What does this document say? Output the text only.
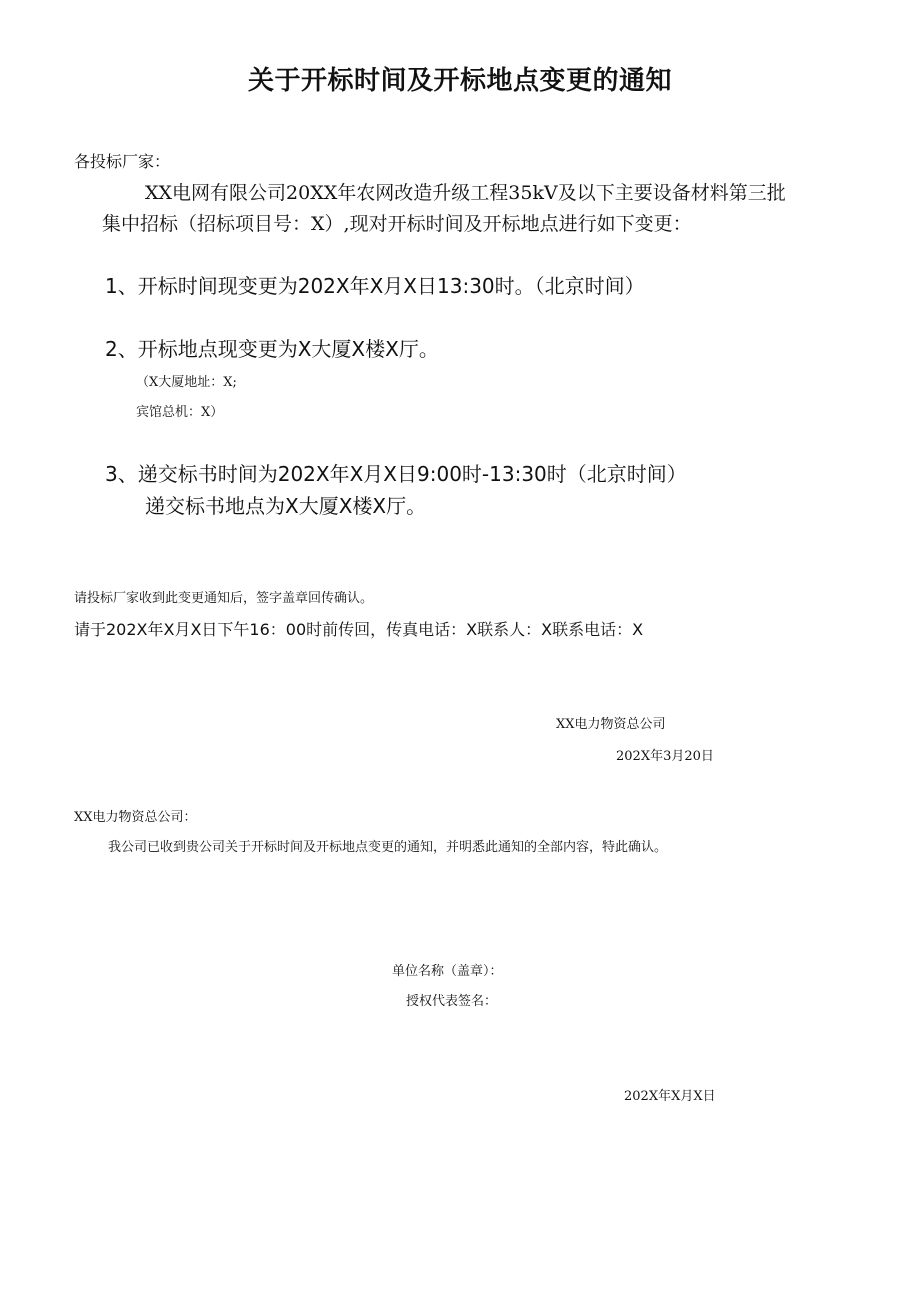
关于开标时间及开标地点变更的通知

各投标厂家：

XX电网有限公司20XX年农网改造升级工程35kV及以下主要设备材料第三批

集中招标（招标项目号：X）,现对开标时间及开标地点进行如下变更：

1、开标时间现变更为202X年X月X日13:30时。（北京时间）

2、开标地点现变更为X大厦X楼X厅。

（X大厦地址：X;

宾馆总机：X）

3、递交标书时间为202X年X月X日9:00时-13:30时（北京时间）

递交标书地点为X大厦X楼X厅。

请投标厂家收到此变更通知后，签字盖章回传确认。

请于202X年X月X日下午16：00时前传回，传真电话：X联系人：X联系电话：X

XX电力物资总公司

202X年3月20日

XX电力物资总公司：

我公司已收到贵公司关于开标时间及开标地点变更的通知，并明悉此通知的全部内容，特此确认。

单位名称（盖章）：

授权代表签名：

202X年X月X日
